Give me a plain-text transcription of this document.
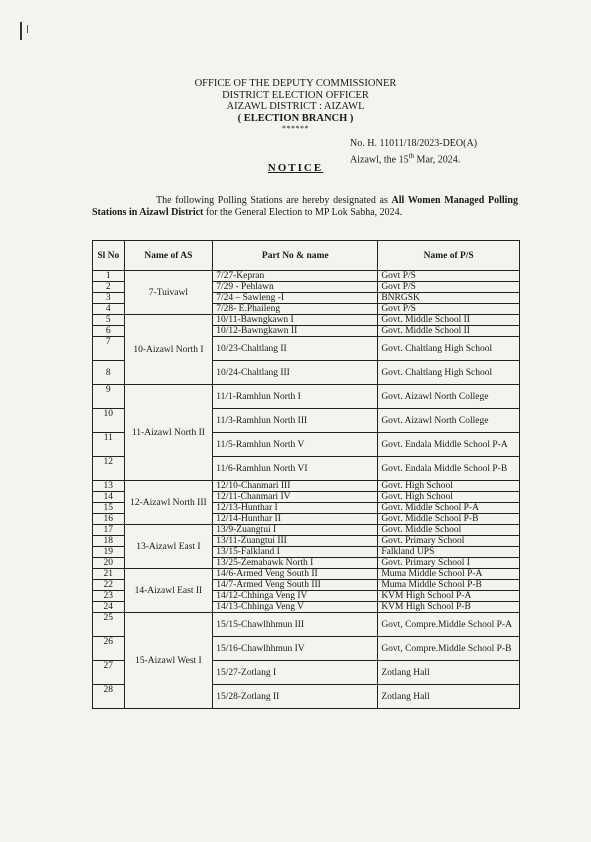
OFFICE OF THE DEPUTY COMMISSIONER
DISTRICT ELECTION OFFICER
AIZAWL DISTRICT : AIZAWL
( ELECTION BRANCH )
******
No. H. 11011/18/2023-DEO(A)
Aizawl, the 15th Mar, 2024.
NOTICE
The following Polling Stations are hereby designated as All Women Managed Polling Stations in Aizawl District for the General Election to MP Lok Sabha, 2024.
Sl No	Name of AS	Part No & name	Name of P/S
1	7-Tuivawl	7/27-Kepran	Govt P/S
2		7/29 - Pehlawn	Govt P/S
3		7/24 – Sawleng -I	BNRGSK
4		7/28- E.Phaileng	Govt P/S
5	10-Aizawl North I	10/11-Bawngkawn I	Govt. Middle School II
6		10/12-Bawngkawn II	Govt. Middle School II
7		10/23-Chaltlang II	Govt. Chaltlang High School
8		10/24-Chaltlang III	Govt. Chaltlang High School
9	11-Aizawl North II	11/1-Ramhlun North I	Govt. Aizawl North College
10		11/3-Ramhlun North III	Govt. Aizawl North College
11		11/5-Ramhlun North V	Govt. Endala Middle School P-A
12		11/6-Ramhlun North VI	Govt. Endala Middle School P-B
13	12-Aizawl North III	12/10-Chanmari III	Govt. High School
14		12/11-Chanmari IV	Govt. High School
15		12/13-Hunthar I	Govt. Middle School P-A
16		12/14-Hunthar II	Govt. Middle School P-B
17	13-Aizawl East I	13/9-Zuangtui I	Govt. Middle School
18		13/11-Zuangtui III	Govt. Primary School
19		13/15-Falkland I	Falkland UPS
20		13/25-Zemabawk North I	Govt. Primary School I
21	14-Aizawl East II	14/6-Armed Veng South II	Muma Middle School P-A
22		14/7-Armed Veng South III	Muma Middle School P-B
23		14/12-Chhinga Veng IV	KVM High School P-A
24		14/13-Chhinga Veng V	KVM High School P-B
25	15-Aizawl West I	15/15-Chawlhhmun III	Govt, Compre.Middle School P-A
26		15/16-Chawlhhmun IV	Govt, Compre.Middle School P-B
27		15/27-Zotlang I	Zotlang Hall
28		15/28-Zotlang II	Zotlang Hall
